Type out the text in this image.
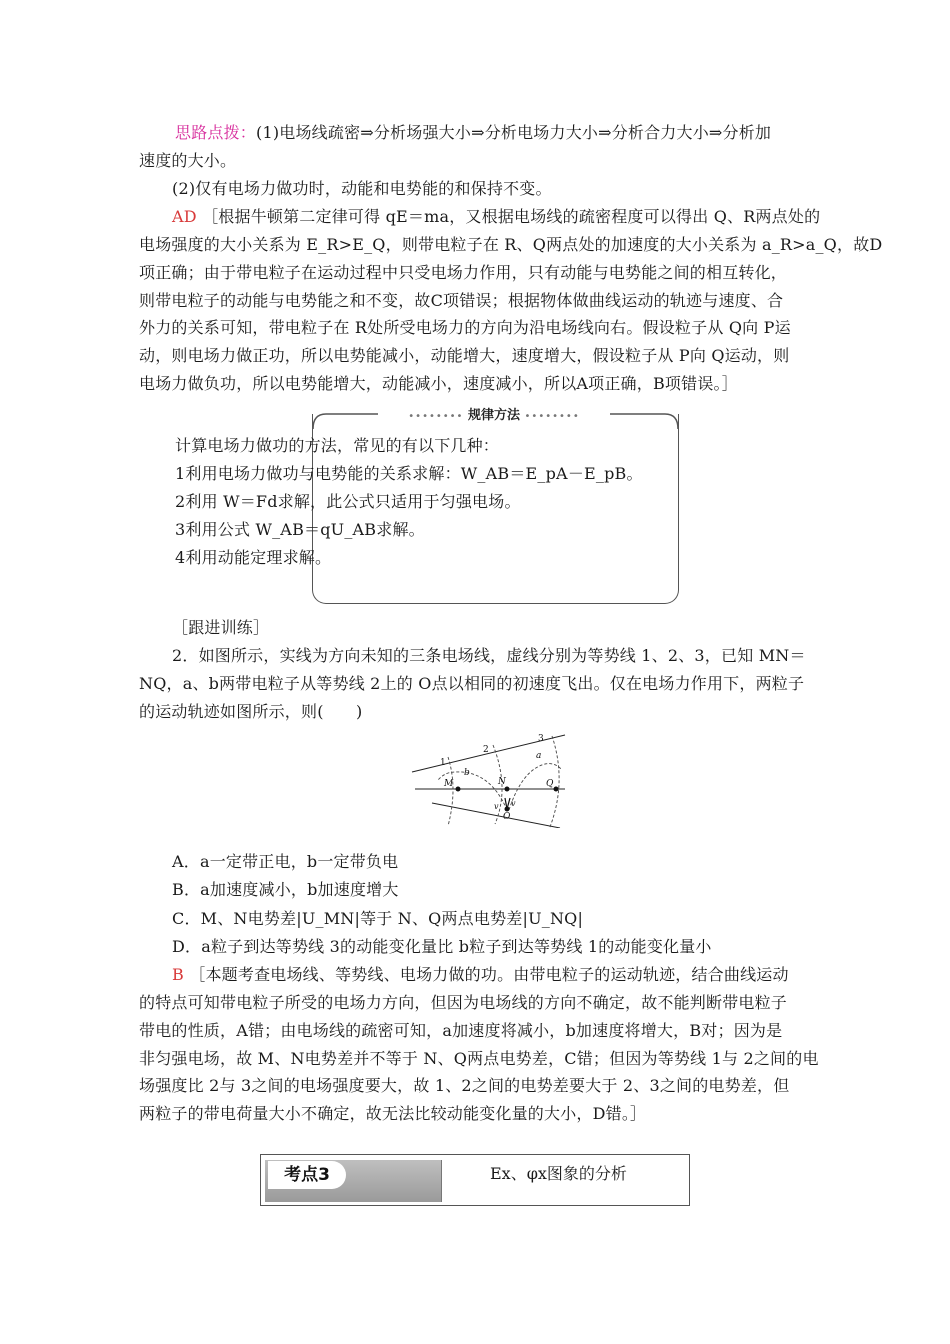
思路点拨：(1)电场线疏密⇒分析场强大小⇒分析电场力大小⇒分析合力大小⇒分析加
速度的大小。
(2)仅有电场力做功时，动能和电势能的和保持不变。
AD ［根据牛顿第二定律可得 qE＝ma，又根据电场线的疏密程度可以得出 Q、R两点处的
电场强度的大小关系为 E_R>E_Q，则带电粒子在 R、Q两点处的加速度的大小关系为 a_R>a_Q，故D
项正确；由于带电粒子在运动过程中只受电场力作用，只有动能与电势能之间的相互转化，
则带电粒子的动能与电势能之和不变，故C项错误；根据物体做曲线运动的轨迹与速度、合
外力的关系可知，带电粒子在 R处所受电场力的方向为沿电场线向右。假设粒子从 Q向 P运
动，则电场力做正功，所以电势能减小，动能增大，速度增大，假设粒子从 P向 Q运动，则
电场力做负功，所以电势能增大，动能减小，速度减小，所以A项正确，B项错误。］
•••••••• 规律方法 ••••••••
计算电场力做功的方法，常见的有以下几种：
1利用电场力做功与电势能的关系求解：W_AB＝E_pA－E_pB。
2利用 W＝Fd求解，此公式只适用于匀强电场。
3利用公式 W_AB＝qU_AB求解。
4利用动能定理求解。
［跟进训练］
2．如图所示，实线为方向未知的三条电场线，虚线分别为等势线 1、2、3，已知 MN＝
NQ，a、b两带电粒子从等势线 2上的 O点以相同的初速度飞出。仅在电场力作用下，两粒子
的运动轨迹如图所示，则(　　)
1
2
3
M	N	Q
O
a
b
v v
A．a一定带正电，b一定带负电
B．a加速度减小，b加速度增大
C．M、N电势差|U_MN|等于 N、Q两点电势差|U_NQ|
D．a粒子到达等势线 3的动能变化量比 b粒子到达等势线 1的动能变化量小
B ［本题考查电场线、等势线、电场力做的功。由带电粒子的运动轨迹，结合曲线运动
的特点可知带电粒子所受的电场力方向，但因为电场线的方向不确定，故不能判断带电粒子
带电的性质，A错；由电场线的疏密可知，a加速度将减小，b加速度将增大，B对；因为是
非匀强电场，故 M、N电势差并不等于 N、Q两点电势差，C错；但因为等势线 1与 2之间的电
场强度比 2与 3之间的电场强度要大，故 1、2之间的电势差要大于 2、3之间的电势差，但
两粒子的带电荷量大小不确定，故无法比较动能变化量的大小，D错。］
考点3	Ex、φx图象的分析
